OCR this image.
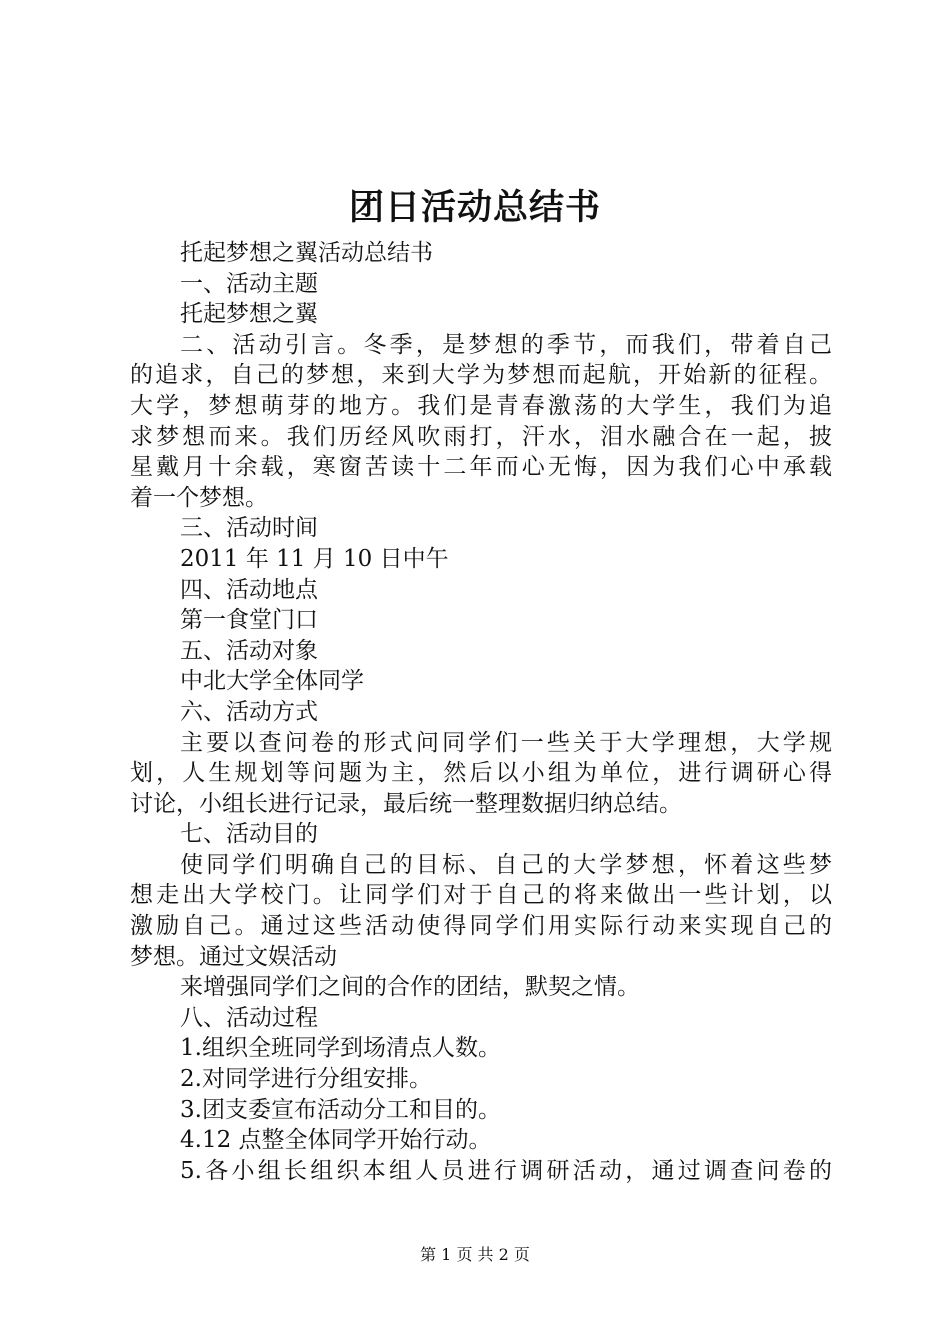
团日活动总结书
托起梦想之翼活动总结书
一、活动主题
托起梦想之翼
二、活动引言。冬季，是梦想的季节，而我们，带着自己
的追求，自己的梦想，来到大学为梦想而起航，开始新的征程。
大学，梦想萌芽的地方。我们是青春激荡的大学生，我们为追
求梦想而来。我们历经风吹雨打，汗水，泪水融合在一起，披
星戴月十余载，寒窗苦读十二年而心无悔，因为我们心中承载
着一个梦想。
三、活动时间
2011 年 11 月 10 日中午
四、活动地点
第一食堂门口
五、活动对象
中北大学全体同学
六、活动方式
主要以查问卷的形式问同学们一些关于大学理想，大学规
划，人生规划等问题为主，然后以小组为单位，进行调研心得
讨论，小组长进行记录，最后统一整理数据归纳总结。
七、活动目的
使同学们明确自己的目标、自己的大学梦想，怀着这些梦
想走出大学校门。让同学们对于自己的将来做出一些计划，以
激励自己。通过这些活动使得同学们用实际行动来实现自己的
梦想。通过文娱活动
来增强同学们之间的合作的团结，默契之情。
八、活动过程
1.组织全班同学到场清点人数。
2.对同学进行分组安排。
3.团支委宣布活动分工和目的。
4.12 点整全体同学开始行动。
5.各小组长组织本组人员进行调研活动，通过调查问卷的
第 1 页 共 2 页
